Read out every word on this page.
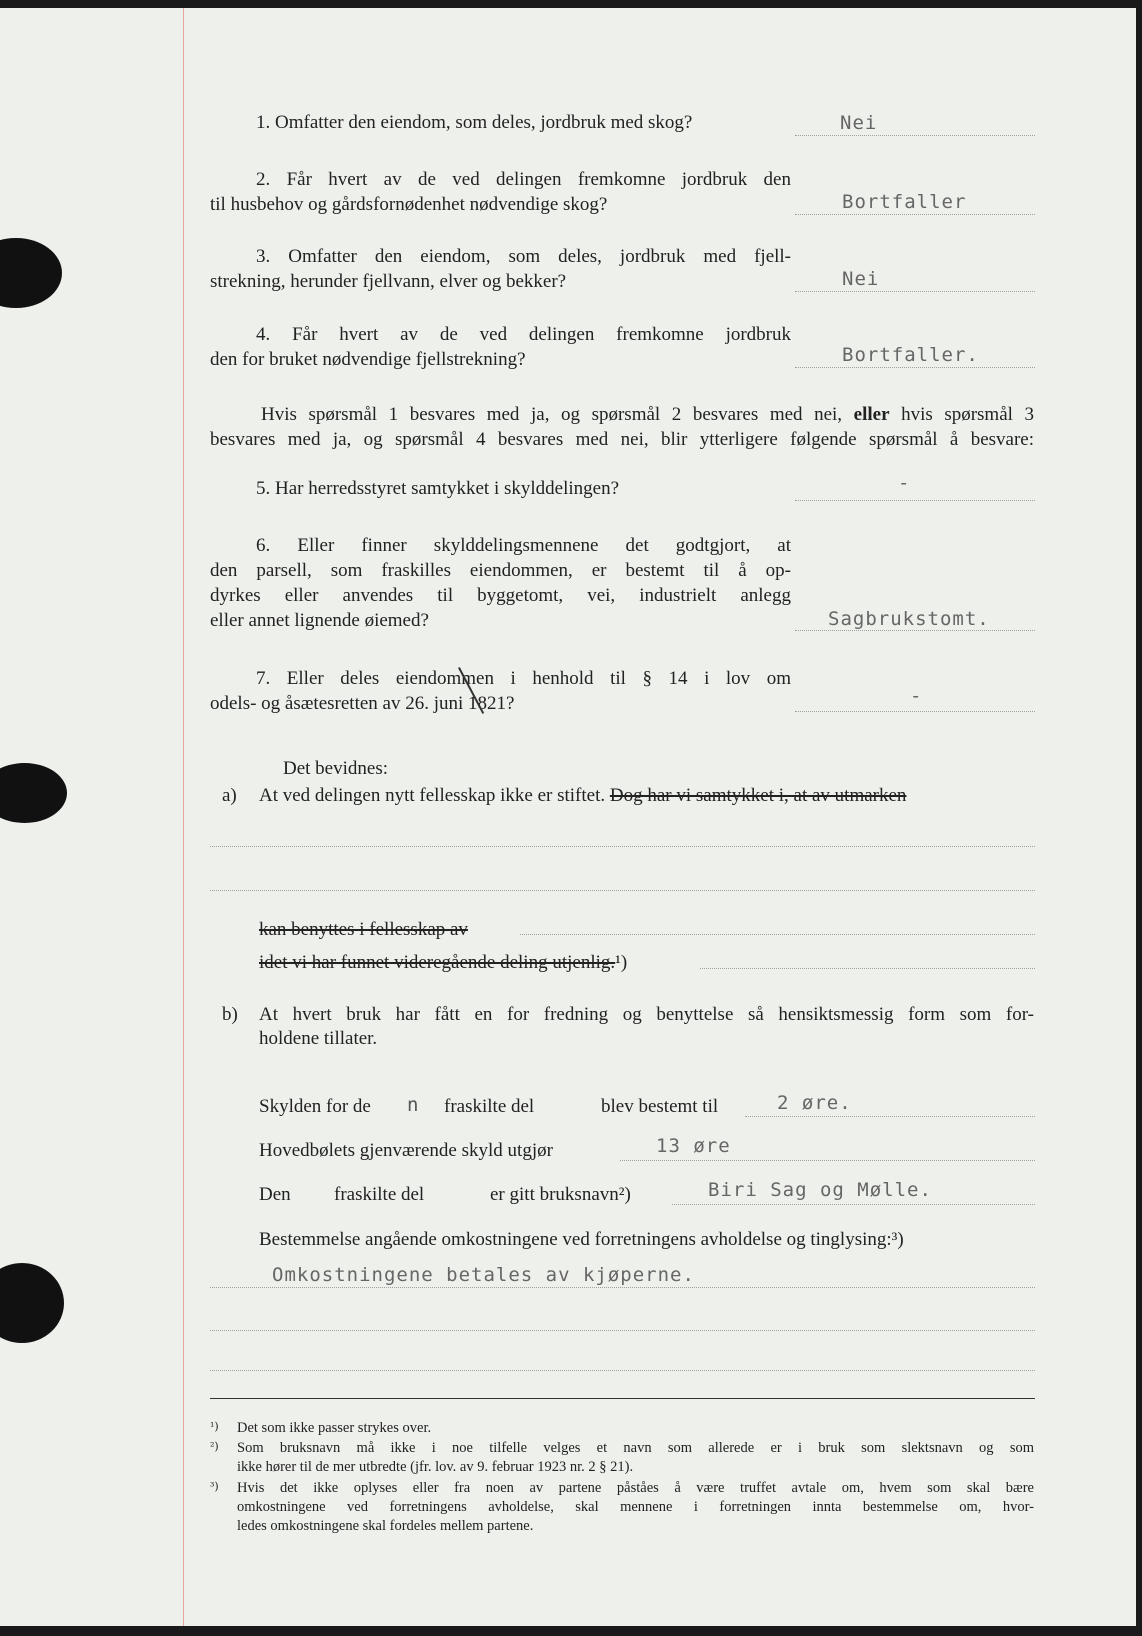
1. Omfatter den eiendom, som deles, jordbruk med skog?	Nei
2. Får hvert av de ved delingen fremkomne jordbruk den
til husbehov og gårdsfornødenhet nødvendige skog?	Bortfaller
3. Omfatter den eiendom, som deles, jordbruk med fjell-
strekning, herunder fjellvann, elver og bekker?	Nei
4. Får hvert av de ved delingen fremkomne jordbruk
den for bruket nødvendige fjellstrekning?	Bortfaller.
Hvis spørsmål 1 besvares med ja, og spørsmål 2 besvares med nei, eller hvis spørsmål 3
besvares med ja, og spørsmål 4 besvares med nei, blir ytterligere følgende spørsmål å besvare:
5. Har herredsstyret samtykket i skylddelingen?	-
6. Eller finner skylddelingsmennene det godtgjort, at
den parsell, som fraskilles eiendommen, er bestemt til å op-
dyrkes eller anvendes til byggetomt, vei, industrielt anlegg
eller annet lignende øiemed?	Sagbrukstomt.
7. Eller deles eiendommen i henhold til § 14 i lov om
odels- og åsætesretten av 26. juni 1821?	-
Det bevidnes:
a) At ved delingen nytt fellesskap ikke er stiftet. Dog har vi samtykket i, at av utmarken
kan benyttes i fellesskap av
idet vi har funnet videregående deling utjenlig.¹)
b) At hvert bruk har fått en for fredning og benyttelse så hensiktsmessig form som for-
holdene tillater.
Skylden for de n fraskilte del	blev bestemt til	2 øre.
Hovedbølets gjenværende skyld utgjør	13 øre
Den fraskilte del	er gitt bruksnavn²)	Biri Sag og Mølle.
Bestemmelse angående omkostningene ved forretningens avholdelse og tinglysing:³)
Omkostningene betales av kjøperne.
¹) Det som ikke passer strykes over.
²) Som bruksnavn må ikke i noe tilfelle velges et navn som allerede er i bruk som slektsnavn og som
ikke hører til de mer utbredte (jfr. lov. av 9. februar 1923 nr. 2 § 21).
³) Hvis det ikke oplyses eller fra noen av partene påståes å være truffet avtale om, hvem som skal bære
omkostningene ved forretningens avholdelse, skal mennene i forretningen innta bestemmelse om, hvor-
ledes omkostningene skal fordeles mellem partene.
